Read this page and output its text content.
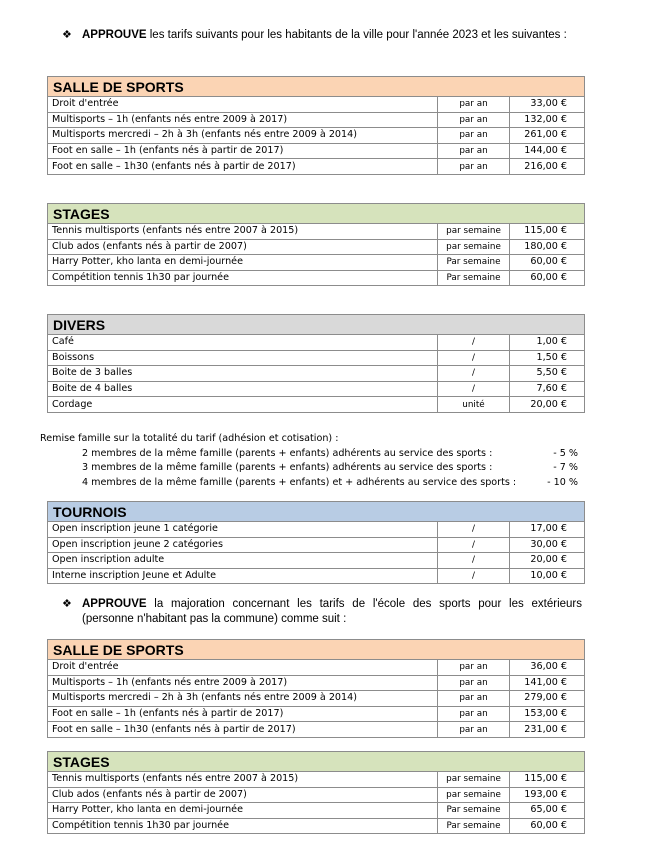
❖ APPROUVE les tarifs suivants pour les habitants de la ville pour l'année 2023 et les suivantes :
SALLE DE SPORTS		
Droit d'entrée	par an	33,00 €
Multisports – 1h (enfants nés entre 2009 à 2017)	par an	132,00 €
Multisports mercredi – 2h à 3h (enfants nés entre 2009 à 2014)	par an	261,00 €
Foot en salle – 1h (enfants nés à partir de 2017)	par an	144,00 €
Foot en salle – 1h30 (enfants nés à partir de 2017)	par an	216,00 €
STAGES		
Tennis multisports (enfants nés entre 2007 à 2015)	par semaine	115,00 €
Club ados (enfants nés à partir de 2007)	par semaine	180,00 €
Harry Potter, kho lanta en demi-journée	Par semaine	60,00 €
Compétition tennis 1h30 par journée	Par semaine	60,00 €
DIVERS		
Café	/	1,00 €
Boissons	/	1,50 €
Boite de 3 balles	/	5,50 €
Boite de 4 balles	/	7,60 €
Cordage	unité	20,00 €
Remise famille sur la totalité du tarif (adhésion et cotisation) :
2 membres de la même famille (parents + enfants) adhérents au service des sports :	- 5 %
3 membres de la même famille (parents + enfants) adhérents au service des sports :	- 7 %
4 membres de la même famille (parents + enfants) et + adhérents au service des sports :	- 10 %
TOURNOIS		
Open inscription jeune 1 catégorie	/	17,00 €
Open inscription jeune 2 catégories	/	30,00 €
Open inscription adulte	/	20,00 €
Interne inscription Jeune et Adulte	/	10,00 €
❖ APPROUVE la majoration concernant les tarifs de l'école des sports pour les extérieurs (personne n'habitant pas la commune) comme suit :
SALLE DE SPORTS		
Droit d'entrée	par an	36,00 €
Multisports – 1h (enfants nés entre 2009 à 2017)	par an	141,00 €
Multisports mercredi – 2h à 3h (enfants nés entre 2009 à 2014)	par an	279,00 €
Foot en salle – 1h (enfants nés à partir de 2017)	par an	153,00 €
Foot en salle – 1h30 (enfants nés à partir de 2017)	par an	231,00 €
STAGES		
Tennis multisports (enfants nés entre 2007 à 2015)	par semaine	115,00 €
Club ados (enfants nés à partir de 2007)	par semaine	193,00 €
Harry Potter, kho lanta en demi-journée	Par semaine	65,00 €
Compétition tennis 1h30 par journée	Par semaine	60,00 €
